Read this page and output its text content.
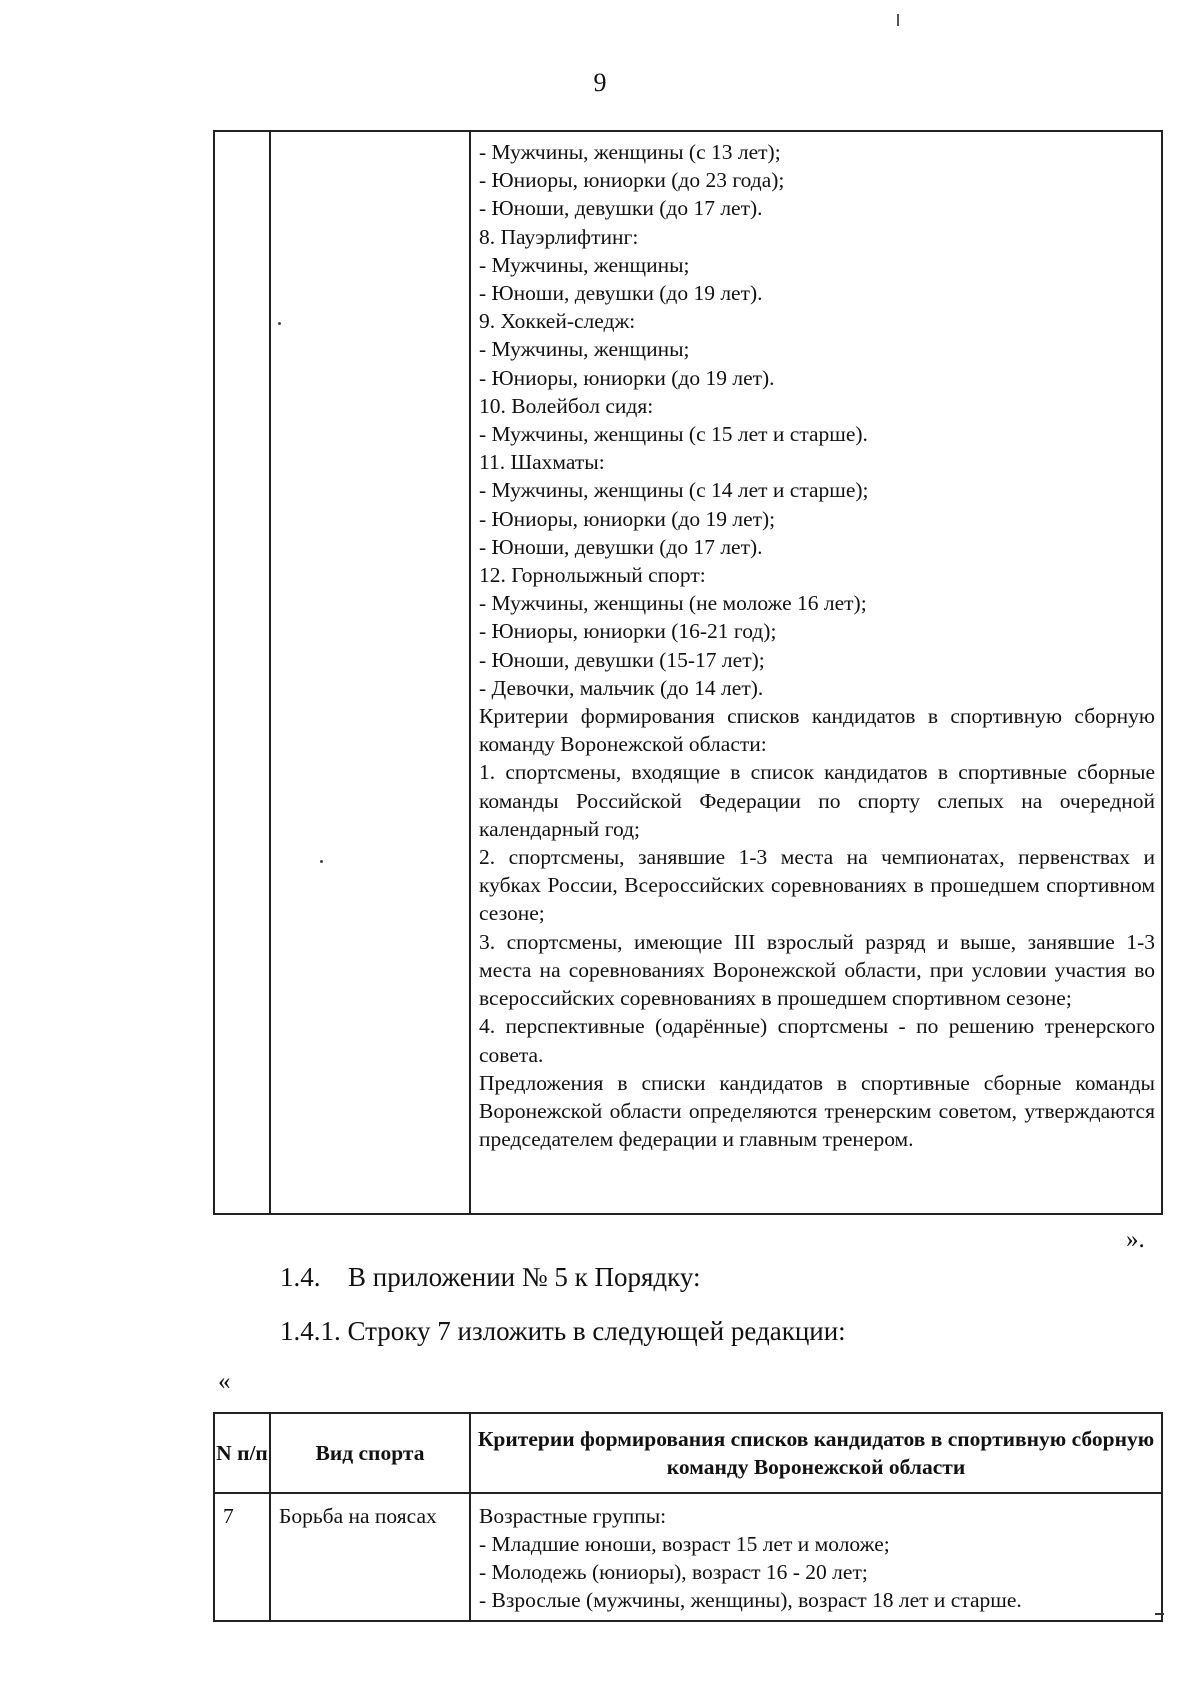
9

- Мужчины, женщины (с 13 лет);
- Юниоры, юниорки (до 23 года);
- Юноши, девушки (до 17 лет).
8. Пауэрлифтинг:
- Мужчины, женщины;
- Юноши, девушки (до 19 лет).
9. Хоккей-следж:
- Мужчины, женщины;
- Юниоры, юниорки (до 19 лет).
10. Волейбол сидя:
- Мужчины, женщины (с 15 лет и старше).
11. Шахматы:
- Мужчины, женщины (с 14 лет и старше);
- Юниоры, юниорки (до 19 лет);
- Юноши, девушки (до 17 лет).
12. Горнолыжный спорт:
- Мужчины, женщины (не моложе 16 лет);
- Юниоры, юниорки (16-21 год);
- Юноши, девушки (15-17 лет);
- Девочки, мальчик (до 14 лет).
Критерии формирования списков кандидатов в спортивную сборную команду Воронежской области:
1. спортсмены, входящие в список кандидатов в спортивные сборные команды Российской Федерации по спорту слепых на очередной календарный год;
2. спортсмены, занявшие 1-3 места на чемпионатах, первенствах и кубках России, Всероссийских соревнованиях в прошедшем спортивном сезоне;
3. спортсмены, имеющие III взрослый разряд и выше, занявшие 1-3 места на соревнованиях Воронежской области, при условии участия во всероссийских соревнованиях в прошедшем спортивном сезоне;
4. перспективные (одарённые) спортсмены - по решению тренерского совета.
Предложения в списки кандидатов в спортивные сборные команды Воронежской области определяются тренерским советом, утверждаются председателем федерации и главным тренером.
».
1.4. В приложении № 5 к Порядку:
1.4.1. Строку 7 изложить в следующей редакции:
«
N п/п	Вид спорта	Критерии формирования списков кандидатов в спортивную сборную команду Воронежской области
7	Борьба на поясах	Возрастные группы:
- Младшие юноши, возраст 15 лет и моложе;
- Молодежь (юниоры), возраст 16 - 20 лет;
- Взрослые (мужчины, женщины), возраст 18 лет и старше.
